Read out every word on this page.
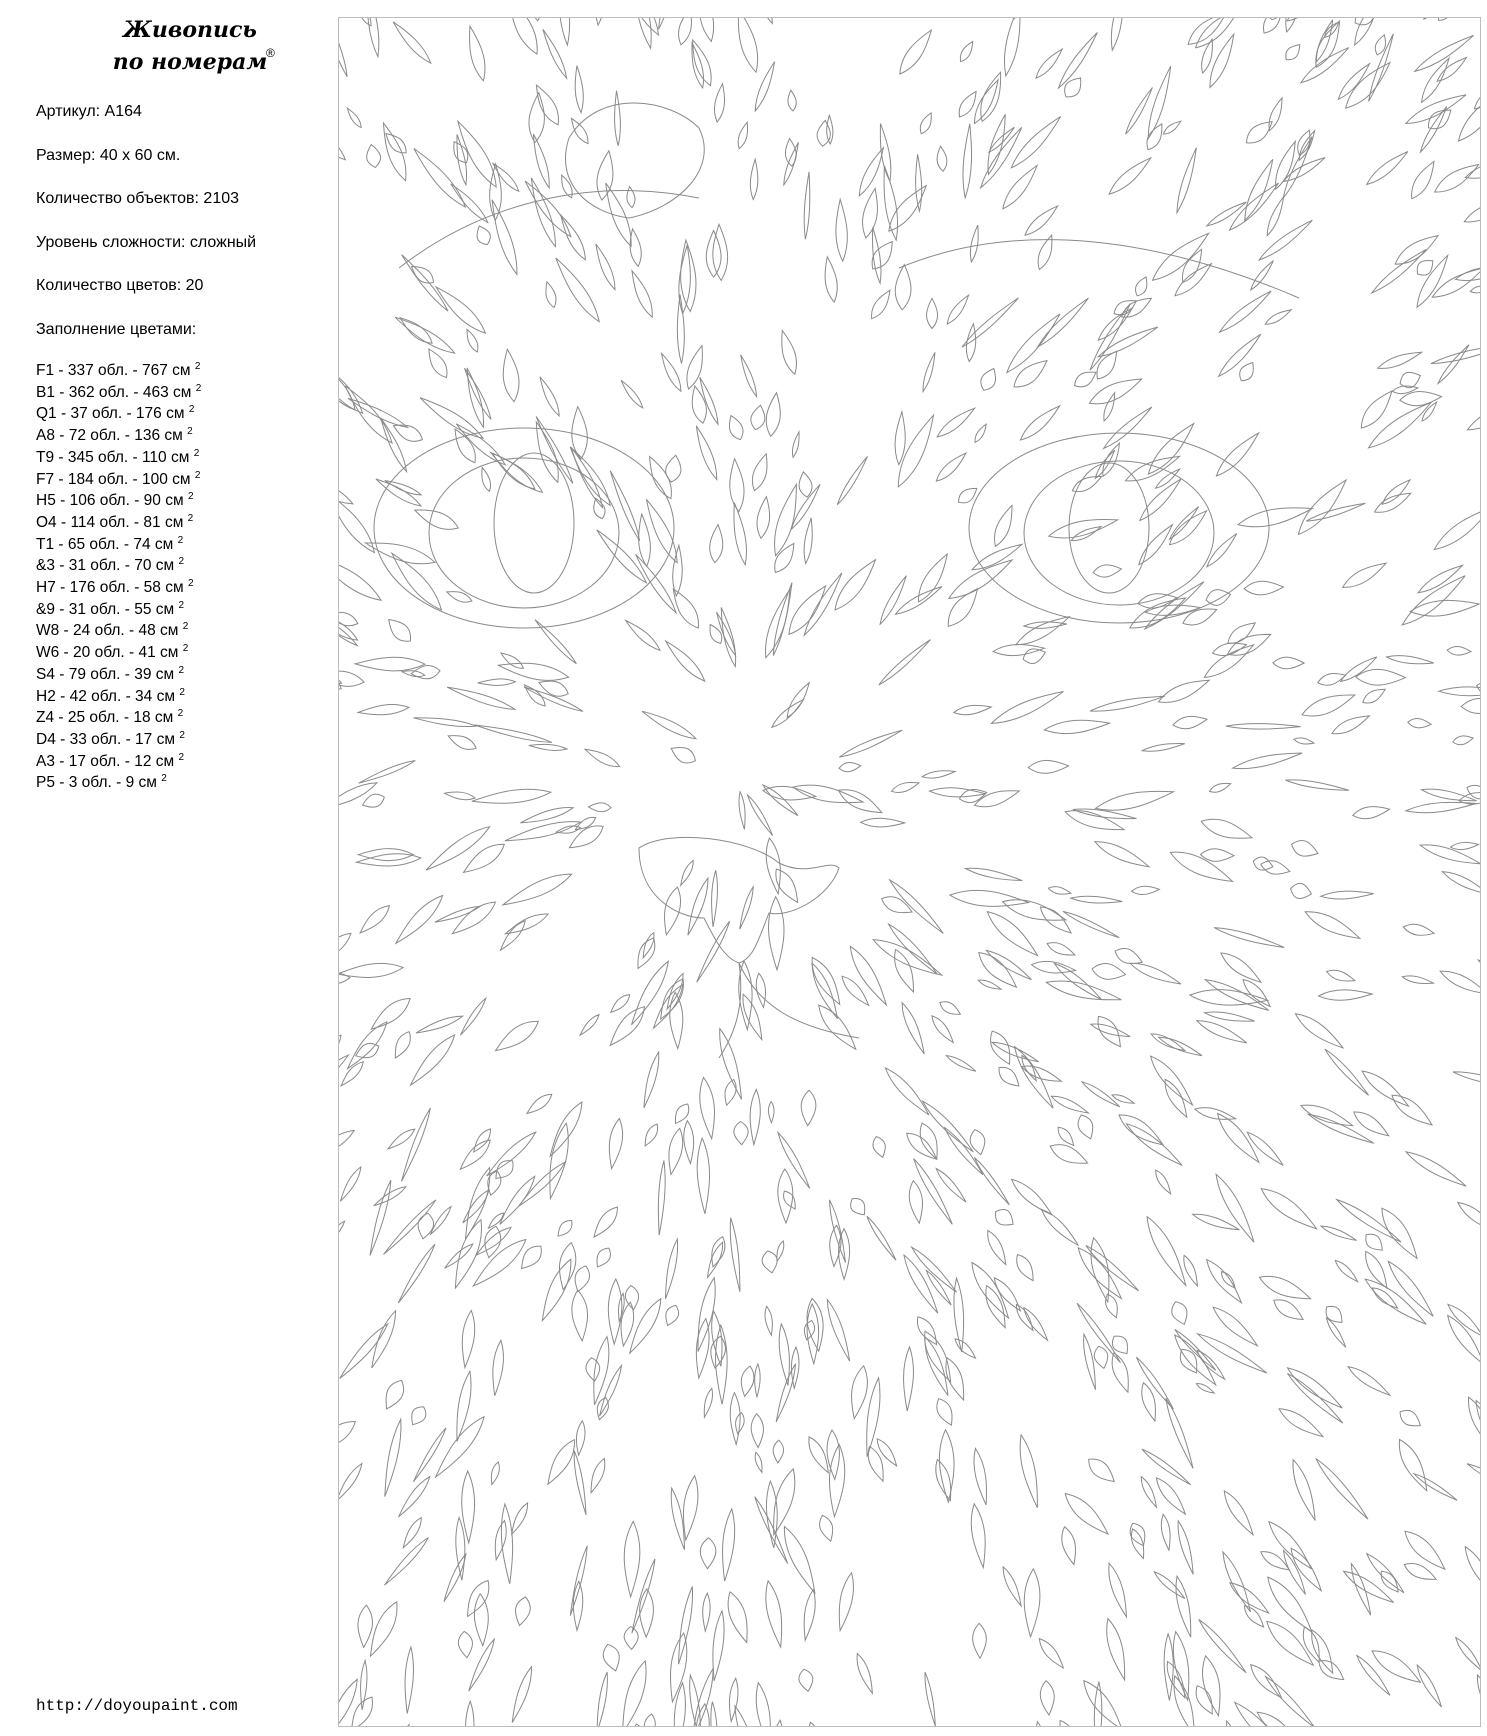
Живопись
по номерам
®
Артикул: А164
Размер: 40 x 60 см.
Количество объектов: 2103
Уровень сложности: сложный
Количество цветов: 20
Заполнение цветами:
F1 - 337 обл. - 767 см $^2$
B1 - 362 обл. - 463 см $^2$
Q1 - 37 обл. - 176 см $^2$
A8 - 72 обл. - 136 см $^2$
T9 - 345 обл. - 110 см $^2$
F7 - 184 обл. - 100 см $^2$
H5 - 106 обл. - 90 см $^2$
O4 - 114 обл. - 81 см $^2$
T1 - 65 обл. - 74 см $^2$
&3 - 31 обл. - 70 см $^2$
H7 - 176 обл. - 58 см $^2$
&9 - 31 обл. - 55 см $^2$
W8 - 24 обл. - 48 см $^2$
W6 - 20 обл. - 41 см $^2$
S4 - 79 обл. - 39 см $^2$
H2 - 42 обл. - 34 см $^2$
Z4 - 25 обл. - 18 см $^2$
D4 - 33 обл. - 17 см $^2$
A3 - 17 обл. - 12 см $^2$
P5 - 3 обл. - 9 см $^2$
http://doyoupaint.com
